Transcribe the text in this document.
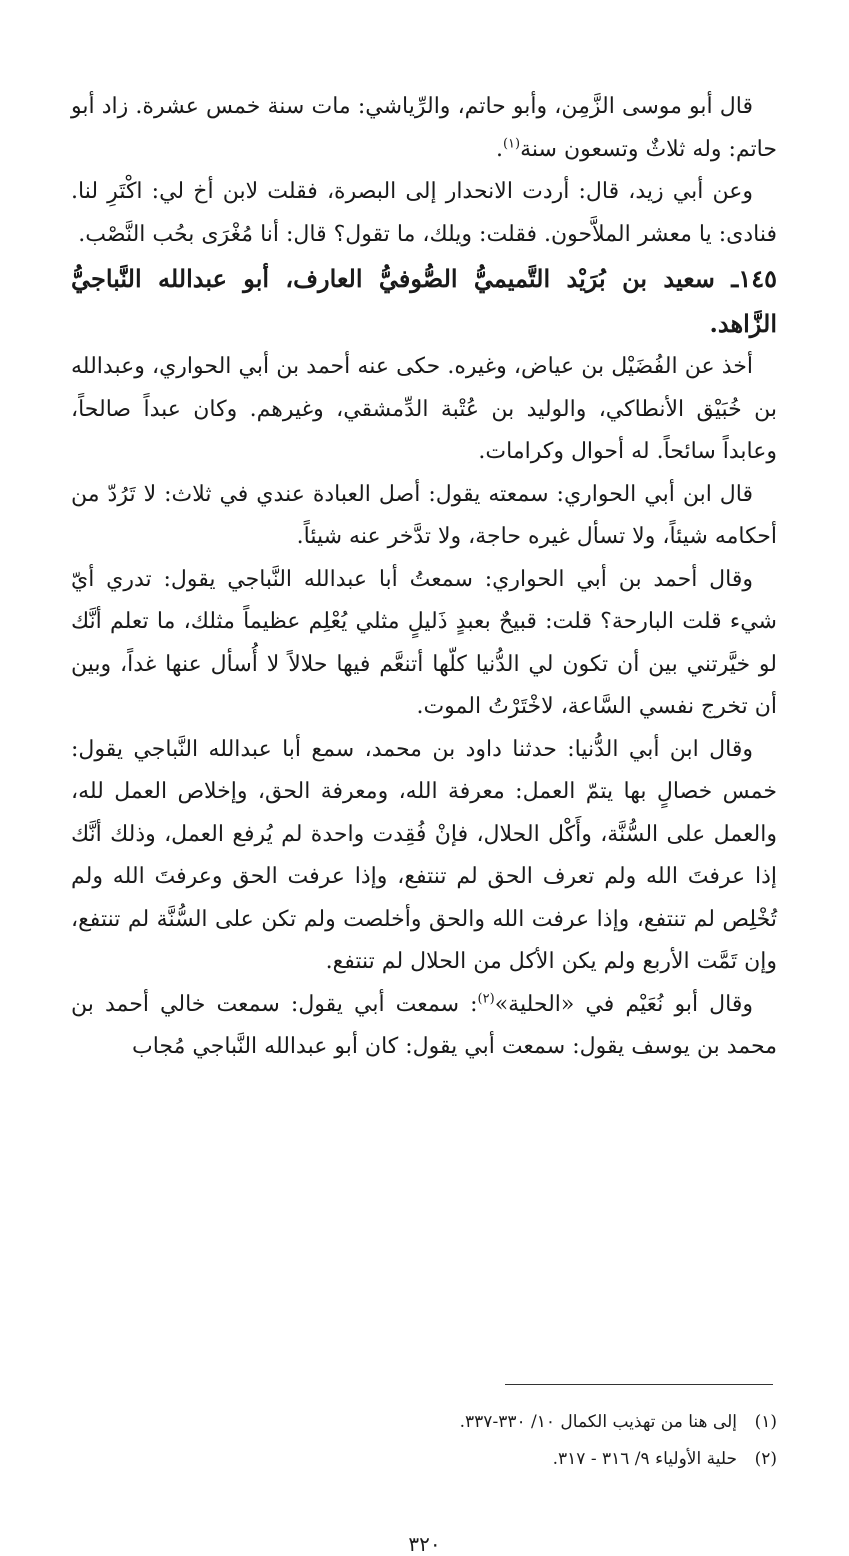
قال أبو موسى الزَّمِن، وأبو حاتم، والرِّياشي: مات سنة خمس عشرة. زاد أبو حاتم: وله ثلاثٌ وتسعون سنة$^{(١)}$.

وعن أبي زيد، قال: أردت الانحدار إلى البصرة، فقلت لابن أخ لي: اكْتَرِ لنا. فنادى: يا معشر الملاَّحون. فقلت: ويلك، ما تقول؟ قال: أنا مُغْرَى بحُب النَّصْب.

١٤٥ـ سعيد بن بُرَيْد التَّميميُّ الصُّوفيُّ العارف، أبو عبدالله النَّباجيُّ الزَّاهد.

أخذ عن الفُضَيْل بن عياض، وغيره. حكى عنه أحمد بن أبي الحواري، وعبدالله بن خُبَيْق الأنطاكي، والوليد بن عُتْبة الدِّمشقي، وغيرهم. وكان عبداً صالحاً، وعابداً سائحاً. له أحوال وكرامات.

قال ابن أبي الحواري: سمعته يقول: أصل العبادة عندي في ثلاث: لا تَرُدّ من أحكامه شيئاً، ولا تسأل غيره حاجة، ولا تدَّخر عنه شيئاً.

وقال أحمد بن أبي الحواري: سمعتُ أبا عبدالله النَّباجي يقول: تدري أيّ شيء قلت البارحة؟ قلت: قبيحٌ بعبدٍ ذَليلٍ مثلي يُعْلِم عظيماً مثلك، ما تعلم أنَّك لو خيَّرتني بين أن تكون لي الدُّنيا كلّها أتنعَّم فيها حلالاً لا أُسأل عنها غداً، وبين أن تخرج نفسي السَّاعة، لاخْتَرْتُ الموت.

وقال ابن أبي الدُّنيا: حدثنا داود بن محمد، سمع أبا عبدالله النَّباجي يقول: خمس خصالٍ بها يتمّ العمل: معرفة الله، ومعرفة الحق، وإخلاص العمل لله، والعمل على السُّنَّة، وأَكْل الحلال، فإنْ فُقِدت واحدة لم يُرفع العمل، وذلك أنَّك إذا عرفتَ الله ولم تعرف الحق لم تنتفع، وإذا عرفت الحق وعرفتَ الله ولم تُخْلِص لم تنتفع، وإذا عرفت الله والحق وأخلصت ولم تكن على السُّنَّة لم تنتفع، وإن تَمَّت الأربع ولم يكن الأكل من الحلال لم تنتفع.

وقال أبو نُعَيْم في «الحلية»$^{(٢)}$: سمعت أبي يقول: سمعت خالي أحمد بن محمد بن يوسف يقول: سمعت أبي يقول: كان أبو عبدالله النَّباجي مُجاب

(١)إلى هنا من تهذيب الكمال ١٠/ ٣٣٠-٣٣٧.

(٢)حلية الأولياء ٩/ ٣١٦ - ٣١٧.

٣٢٠
